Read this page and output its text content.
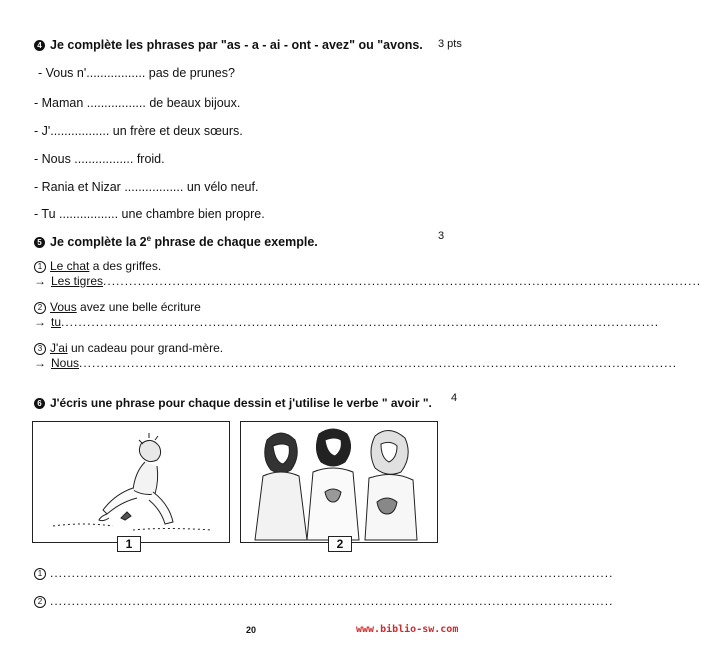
4 Je complète les phrases par "as - a - ai - ont - avez" ou "avons. 3 pts
- Vous n'................. pas de prunes?
- Maman ................. de beaux bijoux.
- J'................. un frère et deux sœurs.
- Nous ................. froid.
- Rania et Nizar ................. un vélo neuf.
- Tu ................. une chambre bien propre.
5 Je complète la 2e phrase de chaque exemple.	3
1 Le chat a des griffes.
→ Les tigres..........................................................................................................................................
2 Vous avez une belle écriture
→ tu..........................................................................................................................................
3 J'ai un cadeau pour grand-mère.
→ Nous..........................................................................................................................................
6 J'écris une phrase pour chaque dessin et j'utilise le verbe " avoir ". 4
1	2
1 ..................................................................................................................................
2 ..................................................................................................................................
20	www.biblio-sw.com
